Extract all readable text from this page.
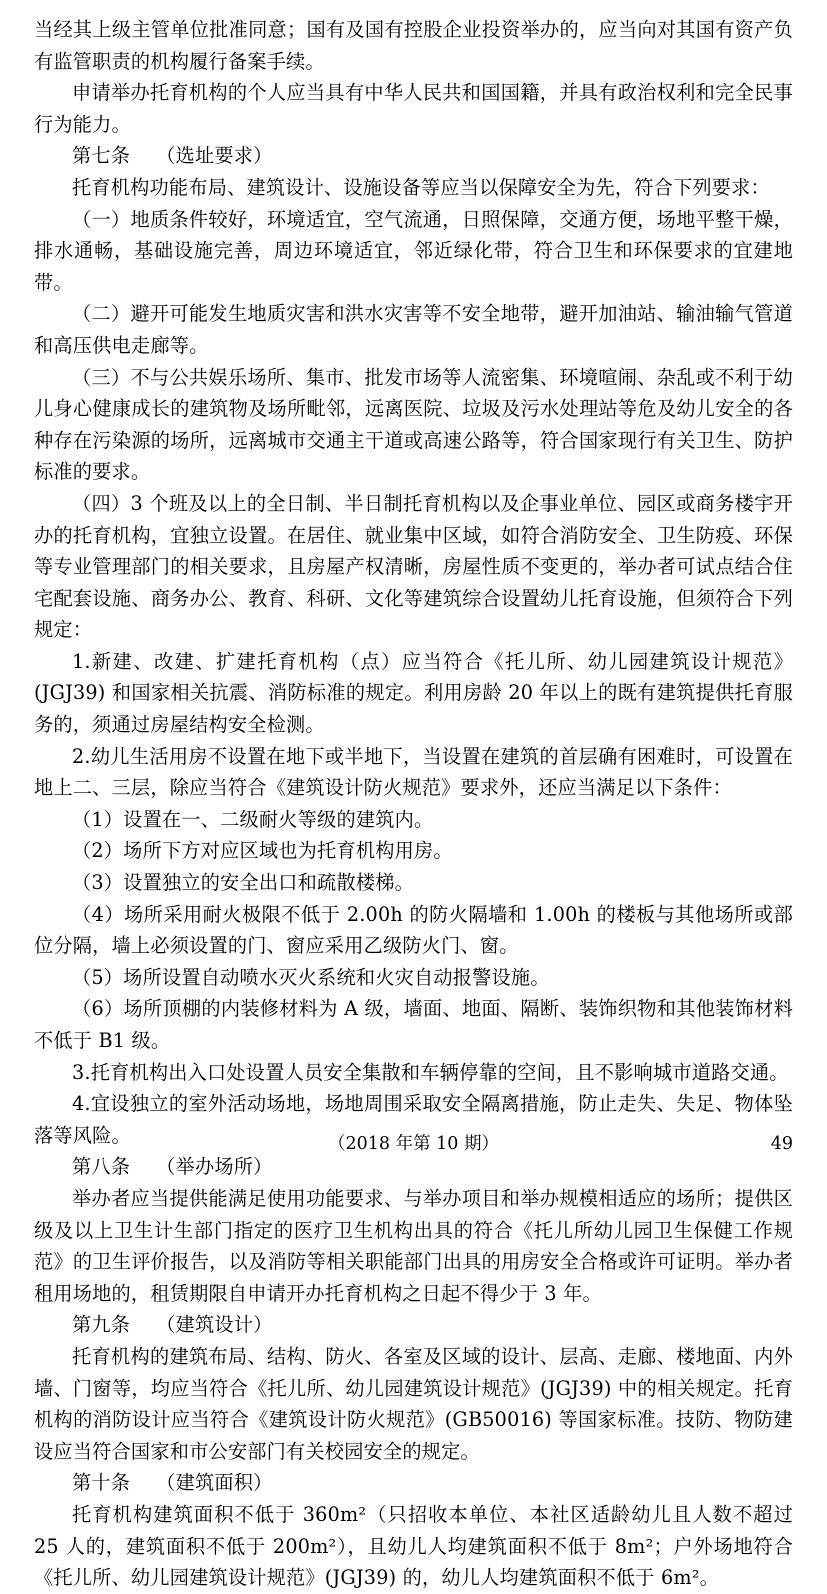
当经其上级主管单位批准同意；国有及国有控股企业投资举办的，应当向对其国有资产负有监管职责的机构履行备案手续。

申请举办托育机构的个人应当具有中华人民共和国国籍，并具有政治权利和完全民事行为能力。

第七条 （选址要求）

托育机构功能布局、建筑设计、设施设备等应当以保障安全为先，符合下列要求：

（一）地质条件较好，环境适宜，空气流通，日照保障，交通方便，场地平整干燥，排水通畅，基础设施完善，周边环境适宜，邻近绿化带，符合卫生和环保要求的宜建地带。

（二）避开可能发生地质灾害和洪水灾害等不安全地带，避开加油站、输油输气管道和高压供电走廊等。

（三）不与公共娱乐场所、集市、批发市场等人流密集、环境喧闹、杂乱或不利于幼儿身心健康成长的建筑物及场所毗邻，远离医院、垃圾及污水处理站等危及幼儿安全的各种存在污染源的场所，远离城市交通主干道或高速公路等，符合国家现行有关卫生、防护标准的要求。

（四）3 个班及以上的全日制、半日制托育机构以及企事业单位、园区或商务楼宇开办的托育机构，宜独立设置。在居住、就业集中区域，如符合消防安全、卫生防疫、环保等专业管理部门的相关要求，且房屋产权清晰，房屋性质不变更的，举办者可试点结合住宅配套设施、商务办公、教育、科研、文化等建筑综合设置幼儿托育设施，但须符合下列规定：

1.新建、改建、扩建托育机构（点）应当符合《托儿所、幼儿园建筑设计规范》(JGJ39) 和国家相关抗震、消防标准的规定。利用房龄 20 年以上的既有建筑提供托育服务的，须通过房屋结构安全检测。

2.幼儿生活用房不设置在地下或半地下，当设置在建筑的首层确有困难时，可设置在地上二、三层，除应当符合《建筑设计防火规范》要求外，还应当满足以下条件：

（1）设置在一、二级耐火等级的建筑内。

（2）场所下方对应区域也为托育机构用房。

（3）设置独立的安全出口和疏散楼梯。

（4）场所采用耐火极限不低于 2.00h 的防火隔墙和 1.00h 的楼板与其他场所或部位分隔，墙上必须设置的门、窗应采用乙级防火门、窗。

（5）场所设置自动喷水灭火系统和火灾自动报警设施。

（6）场所顶棚的内装修材料为 A 级，墙面、地面、隔断、装饰织物和其他装饰材料不低于 B1 级。

3.托育机构出入口处设置人员安全集散和车辆停靠的空间，且不影响城市道路交通。

4.宜设独立的室外活动场地，场地周围采取安全隔离措施，防止走失、失足、物体坠落等风险。

第八条 （举办场所）

举办者应当提供能满足使用功能要求、与举办项目和举办规模相适应的场所；提供区级及以上卫生计生部门指定的医疗卫生机构出具的符合《托儿所幼儿园卫生保健工作规范》的卫生评价报告，以及消防等相关职能部门出具的用房安全合格或许可证明。举办者租用场地的，租赁期限自申请开办托育机构之日起不得少于 3 年。

第九条 （建筑设计）

托育机构的建筑布局、结构、防火、各室及区域的设计、层高、走廊、楼地面、内外墙、门窗等，均应当符合《托儿所、幼儿园建筑设计规范》(JGJ39) 中的相关规定。托育机构的消防设计应当符合《建筑设计防火规范》(GB50016) 等国家标准。技防、物防建设应当符合国家和市公安部门有关校园安全的规定。

第十条 （建筑面积）

托育机构建筑面积不低于 360m²（只招收本单位、本社区适龄幼儿且人数不超过 25 人的，建筑面积不低于 200m²），且幼儿人均建筑面积不低于 8m²；户外场地符合《托儿所、幼儿园建筑设计规范》(JGJ39) 的，幼儿人均建筑面积不低于 6m²。

（2018 年第 10 期）	49
